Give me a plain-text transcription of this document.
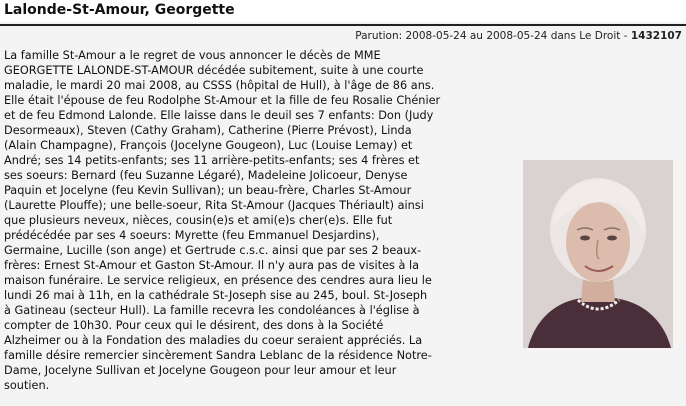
Lalonde-St-Amour, Georgette
Parution: 2008-05-24 au 2008-05-24 dans Le Droit - 1432107
La famille St-Amour a le regret de vous annoncer le décès de MME
GEORGETTE LALONDE-ST-AMOUR décédée subitement, suite à une courte
maladie, le mardi 20 mai 2008, au CSSS (hôpital de Hull), à l'âge de 86 ans.
Elle était l'épouse de feu Rodolphe St-Amour et la fille de feu Rosalie Chénier
et de feu Edmond Lalonde. Elle laisse dans le deuil ses 7 enfants: Don (Judy
Desormeaux), Steven (Cathy Graham), Catherine (Pierre Prévost), Linda
(Alain Champagne), François (Jocelyne Gougeon), Luc (Louise Lemay) et
André; ses 14 petits-enfants; ses 11 arrière-petits-enfants; ses 4 frères et
ses soeurs: Bernard (feu Suzanne Légaré), Madeleine Jolicoeur, Denyse
Paquin et Jocelyne (feu Kevin Sullivan); un beau-frère, Charles St-Amour
(Laurette Plouffe); une belle-soeur, Rita St-Amour (Jacques Thériault) ainsi
que plusieurs neveux, nièces, cousin(e)s et ami(e)s cher(e)s. Elle fut
prédécédée par ses 4 soeurs: Myrette (feu Emmanuel Desjardins),
Germaine, Lucille (son ange) et Gertrude c.s.c. ainsi que par ses 2 beaux-
frères: Ernest St-Amour et Gaston St-Amour. Il n'y aura pas de visites à la
maison funéraire. Le service religieux, en présence des cendres aura lieu le
lundi 26 mai à 11h, en la cathédrale St-Joseph sise au 245, boul. St-Joseph
à Gatineau (secteur Hull). La famille recevra les condoléances à l'église à
compter de 10h30. Pour ceux qui le désirent, des dons à la Société
Alzheimer ou à la Fondation des maladies du coeur seraient appréciés. La
famille désire remercier sincèrement Sandra Leblanc de la résidence Notre-
Dame, Jocelyne Sullivan et Jocelyne Gougeon pour leur amour et leur
soutien.
